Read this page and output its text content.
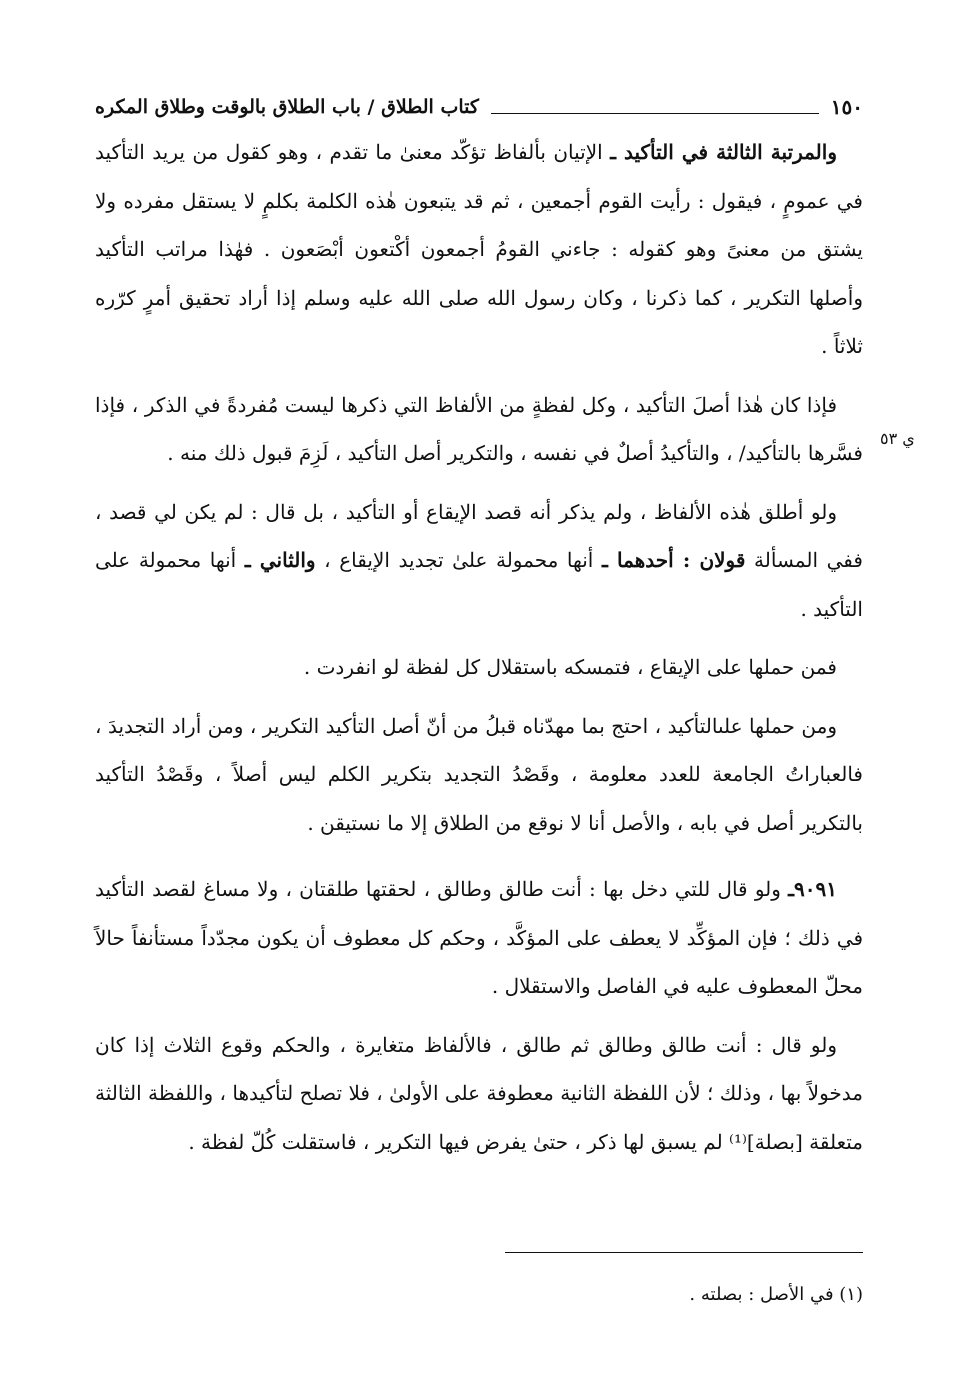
١٥٠
كتاب الطلاق / باب الطلاق بالوقت وطلاق المكره
ي ٥٣

والمرتبة الثالثة في التأكيد ـ الإتيان بألفاظ تؤكّد معنىٰ ما تقدم ، وهو كقول من يريد التأكيد في عمومٍ ، فيقول : رأيت القوم أجمعين ، ثم قد يتبعون هٰذه الكلمة بكلمٍ لا يستقل مفرده ولا يشتق من معنىً وهو كقوله : جاءني القومُ أجمعون أكْتعون أبْصَعون . فهٰذا مراتب التأكيد وأصلها التكرير ، كما ذكرنا ، وكان رسول الله صلى الله عليه وسلم إذا أراد تحقيق أمرٍ كرّره ثلاثاً .

فإذا كان هٰذا أصلَ التأكيد ، وكل لفظةٍ من الألفاظ التي ذكرها ليست مُفردةً في الذكر ، فإذا فسَّرها بالتأكيد/ ، والتأكيدُ أصلٌ في نفسه ، والتكرير أصل التأكيد ، لَزِمَ قبول ذلك منه .

ولو أطلق هٰذه الألفاظ ، ولم يذكر أنه قصد الإيقاع أو التأكيد ، بل قال : لم يكن لي قصد ، ففي المسألة قولان : أحدهما ـ أنها محمولة علىٰ تجديد الإيقاع ، والثاني ـ أنها محمولة على التأكيد .

فمن حملها على الإيقاع ، فتمسكه باستقلال كل لفظة لو انفردت .

ومن حملها علىالتأكيد ، احتج بما مهدّناه قبلُ من أنّ أصل التأكيد التكرير ، ومن أراد التجديدَ ، فالعباراتُ الجامعة للعدد معلومة ، وقَصْدُ التجديد بتكرير الكلم ليس أصلاً ، وقَصْدُ التأكيد بالتكرير أصل في بابه ، والأصل أنا لا نوقع من الطلاق إلا ما نستيقن .

٩٠٩١ـ ولو قال للتي دخل بها : أنت طالق وطالق ، لحقتها طلقتان ، ولا مساغ لقصد التأكيد في ذلك ؛ فإن المؤكِّد لا يعطف على المؤكَّد ، وحكم كل معطوف أن يكون مجدّداً مستأنفاً حالاً محلّ المعطوف عليه في الفاصل والاستقلال .

ولو قال : أنت طالق وطالق ثم طالق ، فالألفاظ متغايرة ، والحكم وقوع الثلاث إذا كان مدخولاً بها ، وذلك ؛ لأن اللفظة الثانية معطوفة على الأولىٰ ، فلا تصلح لتأكيدها ، واللفظة الثالثة متعلقة [بصلة]⁽¹⁾ لم يسبق لها ذكر ، حتىٰ يفرض فيها التكرير ، فاستقلت كُلّ لفظة .

(١) في الأصل : بصلته .
